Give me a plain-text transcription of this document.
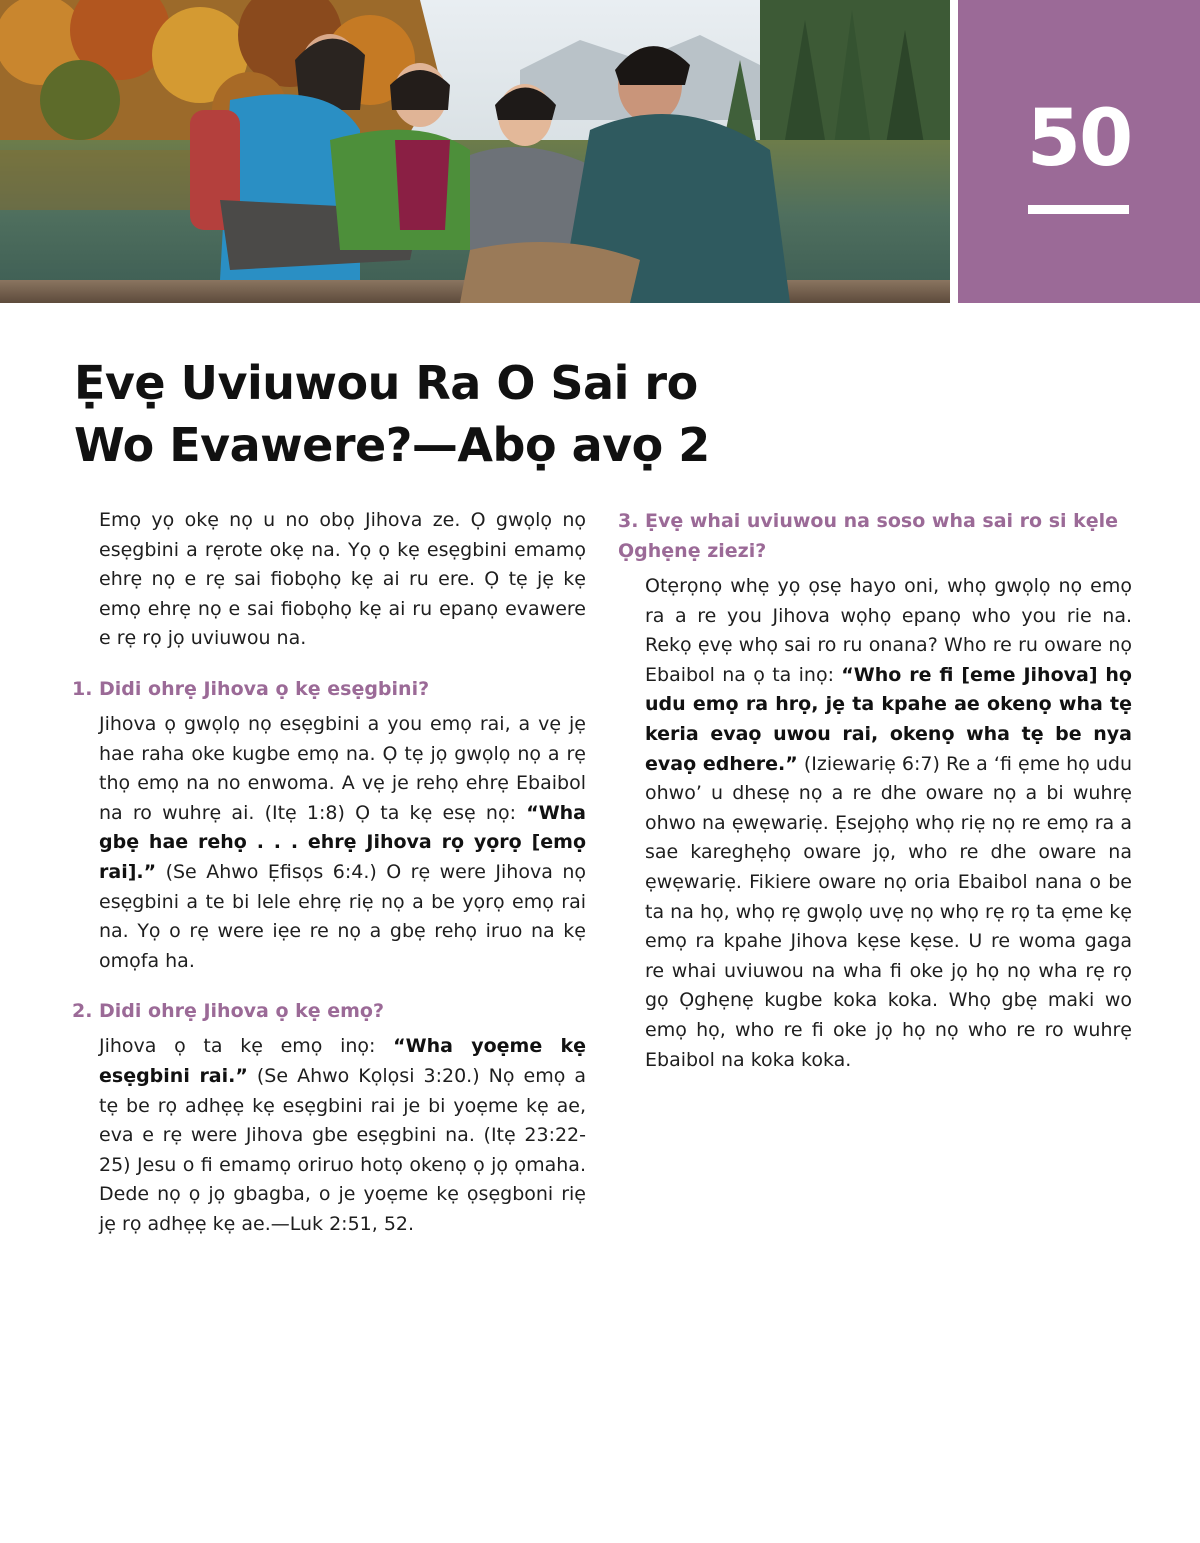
50
Ẹvẹ Uviuwou Ra O Sai ro
Wo Evawere?—Abọ avọ 2

Emọ yọ okẹ nọ u no obọ Jihova ze. Ọ gwọlọ nọ esẹgbini a rẹrote okẹ na. Yọ ọ kẹ esẹgbini emamọ ehrẹ nọ e rẹ sai fiobọhọ kẹ ai ru ere. Ọ tẹ jẹ kẹ emọ ehrẹ nọ e sai fiobọhọ kẹ ai ru epanọ evawere e rẹ rọ jọ uviuwou na.

1. Didi ohrẹ Jihova ọ kẹ esẹgbini?

Jihova ọ gwọlọ nọ esẹgbini a you emọ rai, a vẹ jẹ hae raha oke kugbe emọ na. Ọ tẹ jọ gwọlọ nọ a rẹ thọ emọ na no enwoma. A vẹ je rehọ ehrẹ Ebaibol na ro wuhrẹ ai. (Itẹ 1:8) Ọ ta kẹ esẹ nọ: “Wha gbẹ hae rehọ . . . ehrẹ Jihova rọ yọrọ [emọ rai].” (Se Ahwo Ẹfisọs 6:4.) O rẹ were Jihova nọ esẹgbini a te bi lele ehrẹ riẹ nọ a be yọrọ emọ rai na. Yọ o rẹ were iẹe re nọ a gbẹ rehọ iruo na kẹ omọfa ha.

2. Didi ohrẹ Jihova ọ kẹ emọ?

Jihova ọ ta kẹ emọ inọ: “Wha yoẹme kẹ esẹgbini rai.” (Se Ahwo Kọlọsi 3:20.) Nọ emọ a tẹ be rọ adhẹẹ kẹ esẹgbini rai je bi yoẹme kẹ ae, eva e rẹ were Jihova gbe esẹgbini na. (Itẹ 23:22-25) Jesu o fi emamọ oriruo hotọ okenọ ọ jọ ọmaha. Dede nọ ọ jọ gbagba, o je yoẹme kẹ ọsẹgboni riẹ jẹ rọ adhẹẹ kẹ ae.—Luk 2:51, 52.

3. Ẹvẹ whai uviuwou na soso wha sai ro si kẹle Ọghẹnẹ ziezi?

Otẹrọnọ whẹ yọ ọsẹ hayo oni, whọ gwọlọ nọ emọ ra a re you Jihova wọhọ epanọ who you rie na. Rekọ ẹvẹ whọ sai ro ru onana? Who re ru oware nọ Ebaibol na ọ ta inọ: “Who re fi [eme Jihova] họ udu emọ ra hrọ, jẹ ta kpahe ae okenọ wha tẹ keria evaọ uwou rai, okenọ wha tẹ be nya evaọ edhere.” (Iziewariẹ 6:7) Re a ‘fi ẹme họ udu ohwo’ u dhesẹ nọ a re dhe oware nọ a bi wuhrẹ ohwo na ẹwẹwariẹ. Ẹsejọhọ whọ riẹ nọ re emọ ra a sae kareghẹhọ oware jọ, who re dhe oware na ẹwẹwariẹ. Fikiere oware nọ oria Ebaibol nana o be ta na họ, whọ rẹ gwọlọ uvẹ nọ whọ rẹ rọ ta ẹme kẹ emọ ra kpahe Jihova kẹse kẹse. U re woma gaga re whai uviuwou na wha fi oke jọ họ nọ wha rẹ rọ gọ Ọghẹnẹ kugbe koka koka. Whọ gbẹ maki wo emọ họ, who re fi oke jọ họ nọ who re ro wuhrẹ Ebaibol na koka koka.
